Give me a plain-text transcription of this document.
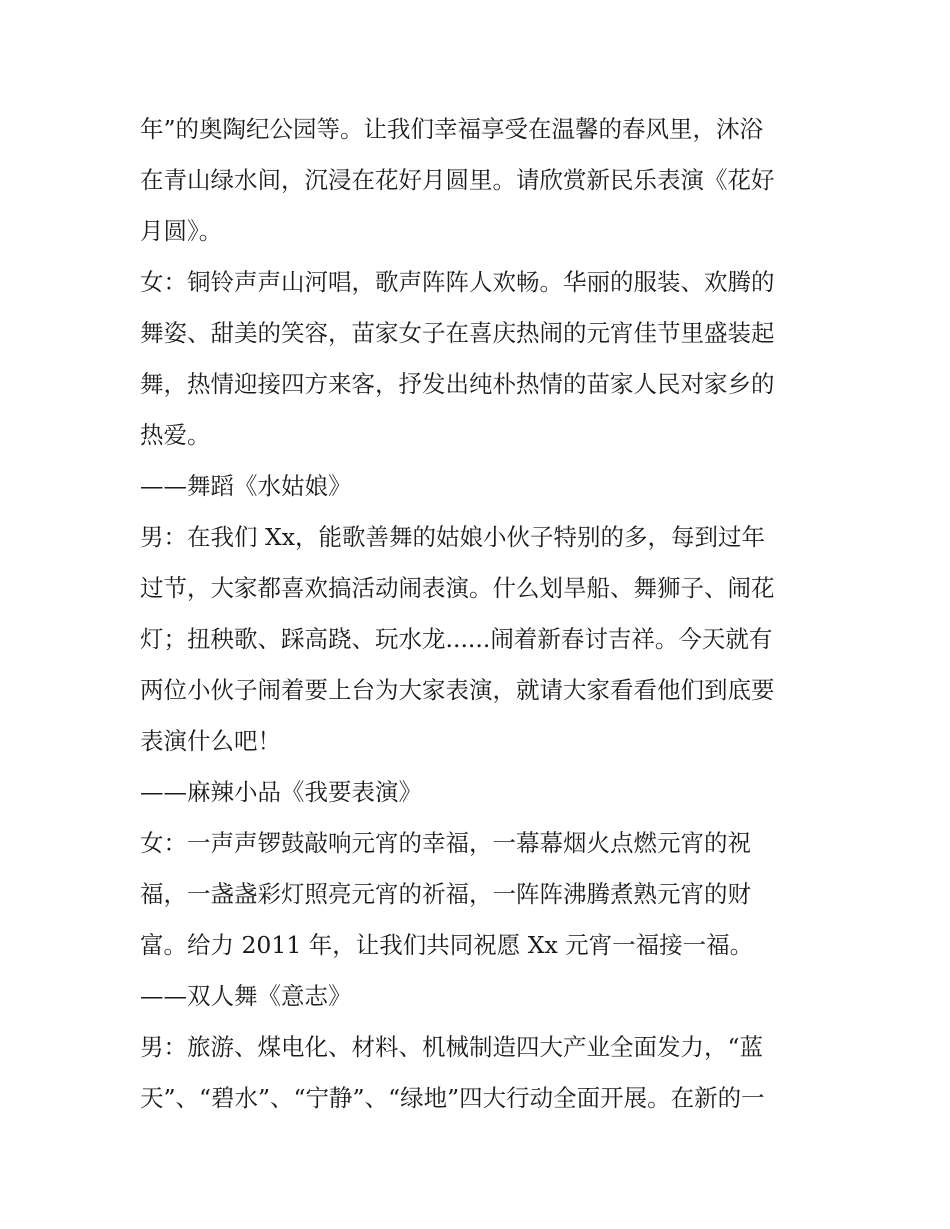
年”的奥陶纪公园等。让我们幸福享受在温馨的春风里，沐浴
在青山绿水间，沉浸在花好月圆里。请欣赏新民乐表演《花好
月圆》。
女：铜铃声声山河唱，歌声阵阵人欢畅。华丽的服装、欢腾的
舞姿、甜美的笑容，苗家女子在喜庆热闹的元宵佳节里盛装起
舞，热情迎接四方来客，抒发出纯朴热情的苗家人民对家乡的
热爱。
——舞蹈《水姑娘》
男：在我们 Xx，能歌善舞的姑娘小伙子特别的多，每到过年
过节，大家都喜欢搞活动闹表演。什么划旱船、舞狮子、闹花
灯；扭秧歌、踩高跷、玩水龙......闹着新春讨吉祥。今天就有
两位小伙子闹着要上台为大家表演，就请大家看看他们到底要
表演什么吧！
——麻辣小品《我要表演》
女：一声声锣鼓敲响元宵的幸福，一幕幕烟火点燃元宵的祝
福，一盏盏彩灯照亮元宵的祈福，一阵阵沸腾煮熟元宵的财
富。给力 2011 年，让我们共同祝愿 Xx 元宵一福接一福。
——双人舞《意志》
男：旅游、煤电化、材料、机械制造四大产业全面发力，“蓝
天”、“碧水”、“宁静”、“绿地”四大行动全面开展。在新的一
